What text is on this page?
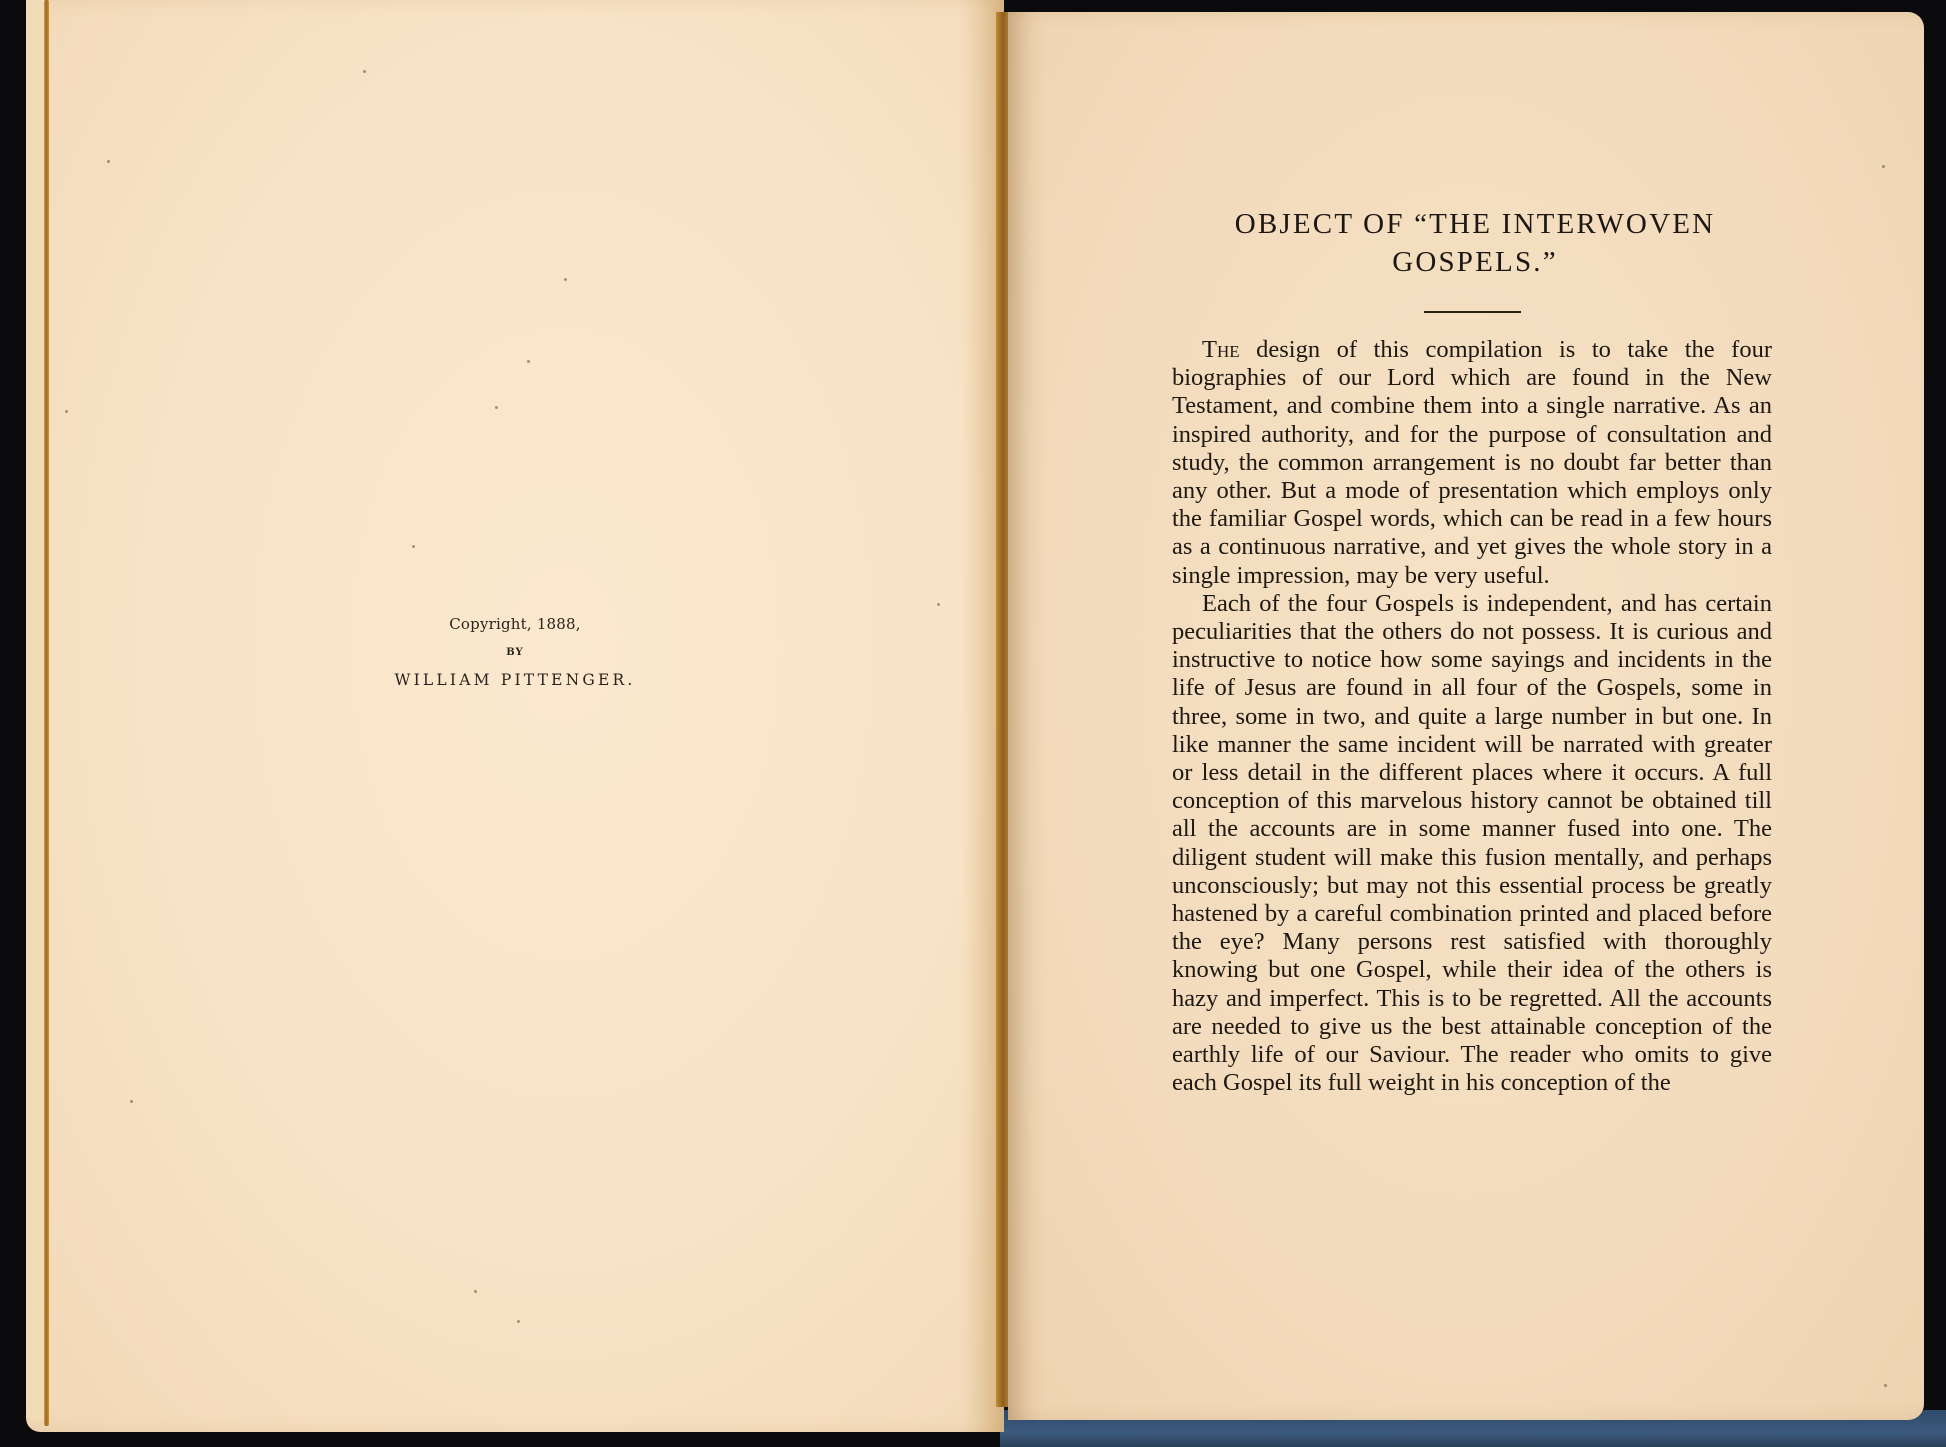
Copyright, 1888,
BY
WILLIAM PITTENGER.
OBJECT OF “THE INTERWOVEN
GOSPELS.”

The design of this compilation is to take the four biographies of our Lord which are found in the New Testament, and combine them into a single narrative. As an inspired authority, and for the purpose of consultation and study, the common arrangement is no doubt far better than any other. But a mode of presentation which employs only the familiar Gospel words, which can be read in a few hours as a continuous narrative, and yet gives the whole story in a single impression, may be very useful.

Each of the four Gospels is independent, and has certain peculiarities that the others do not possess. It is curious and instructive to notice how some sayings and incidents in the life of Jesus are found in all four of the Gospels, some in three, some in two, and quite a large number in but one. In like manner the same incident will be narrated with greater or less detail in the different places where it occurs. A full conception of this marvelous history cannot be obtained till all the accounts are in some manner fused into one. The diligent student will make this fusion mentally, and perhaps unconsciously; but may not this essential process be greatly hastened by a careful combination printed and placed before the eye? Many persons rest satisfied with thoroughly knowing but one Gospel, while their idea of the others is hazy and imperfect. This is to be regretted. All the accounts are needed to give us the best attainable conception of the earthly life of our Saviour. The reader who omits to give each Gospel its full weight in his conception of the
